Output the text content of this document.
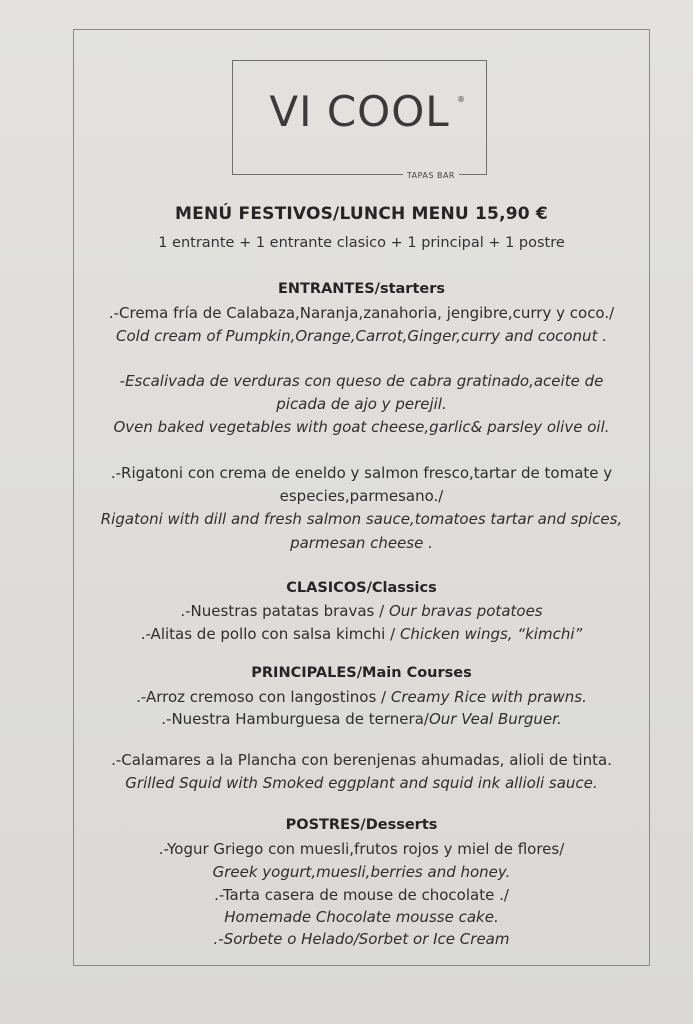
VI COOL ®
TAPAS BAR
MENÚ FESTIVOS/LUNCH MENU 15,90 €
1 entrante + 1 entrante clasico + 1 principal + 1 postre
ENTRANTES/starters
.-Crema fría de Calabaza,Naranja,zanahoria, jengibre,curry y coco./
Cold cream of Pumpkin,Orange,Carrot,Ginger,curry and coconut .
-Escalivada de verduras con queso de cabra gratinado,aceite de
picada de ajo y perejil.
Oven baked vegetables with goat cheese,garlic& parsley olive oil.
.-Rigatoni con crema de eneldo y salmon fresco,tartar de tomate y
especies,parmesano./
Rigatoni with dill and fresh salmon sauce,tomatoes tartar and spices,
parmesan cheese .
CLASICOS/Classics
.-Nuestras patatas bravas / Our bravas potatoes
.-Alitas de pollo con salsa kimchi / Chicken wings, “kimchi”
PRINCIPALES/Main Courses
.-Arroz cremoso con langostinos / Creamy Rice with prawns.
.-Nuestra Hamburguesa de ternera/Our Veal Burguer.
.-Calamares a la Plancha con berenjenas ahumadas, alioli de tinta.
Grilled Squid with Smoked eggplant and squid ink allioli sauce.
POSTRES/Desserts
.-Yogur Griego con muesli,frutos rojos y miel de flores/
Greek yogurt,muesli,berries and honey.
.-Tarta casera de mouse de chocolate ./
Homemade Chocolate mousse cake.
.-Sorbete o Helado/Sorbet or Ice Cream
